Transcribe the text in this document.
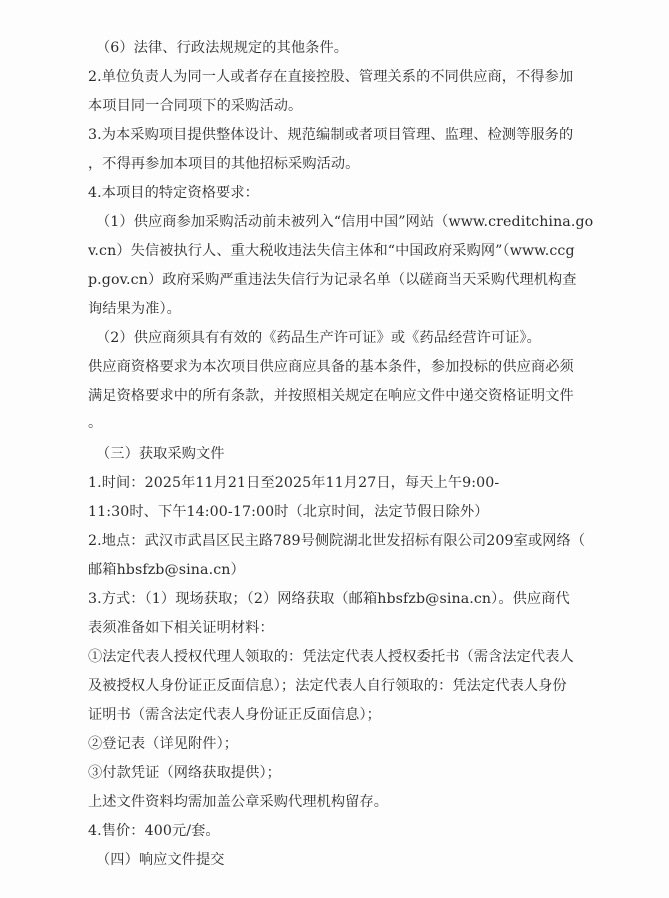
（6）法律、行政法规规定的其他条件。
2.单位负责人为同一人或者存在直接控股、管理关系的不同供应商，不得参加
本项目同一合同项下的采购活动。
3.为本采购项目提供整体设计、规范编制或者项目管理、监理、检测等服务的
，不得再参加本项目的其他招标采购活动。
4.本项目的特定资格要求：
（1）供应商参加采购活动前未被列入“信用中国”网站（www.creditchina.go
v.cn）失信被执行人、重大税收违法失信主体和“中国政府采购网”（www.ccg
p.gov.cn）政府采购严重违法失信行为记录名单（以磋商当天采购代理机构查
询结果为准）。
（2）供应商须具有有效的《药品生产许可证》或《药品经营许可证》。
供应商资格要求为本次项目供应商应具备的基本条件，参加投标的供应商必须
满足资格要求中的所有条款，并按照相关规定在响应文件中递交资格证明文件
。
（三）获取采购文件
1.时间：2025年11月21日至2025年11月27日，每天上午9:00-
11:30时、下午14:00-17:00时（北京时间，法定节假日除外）
2.地点：武汉市武昌区民主路789号侧院湖北世发招标有限公司209室或网络（
邮箱hbsfzb@sina.cn）
3.方式：（1）现场获取；（2）网络获取（邮箱hbsfzb@sina.cn）。供应商代
表须准备如下相关证明材料：
①法定代表人授权代理人领取的：凭法定代表人授权委托书（需含法定代表人
及被授权人身份证正反面信息）；法定代表人自行领取的：凭法定代表人身份
证明书（需含法定代表人身份证正反面信息）；
②登记表（详见附件）；
③付款凭证（网络获取提供）；
上述文件资料均需加盖公章采购代理机构留存。
4.售价：400元/套。
（四）响应文件提交
